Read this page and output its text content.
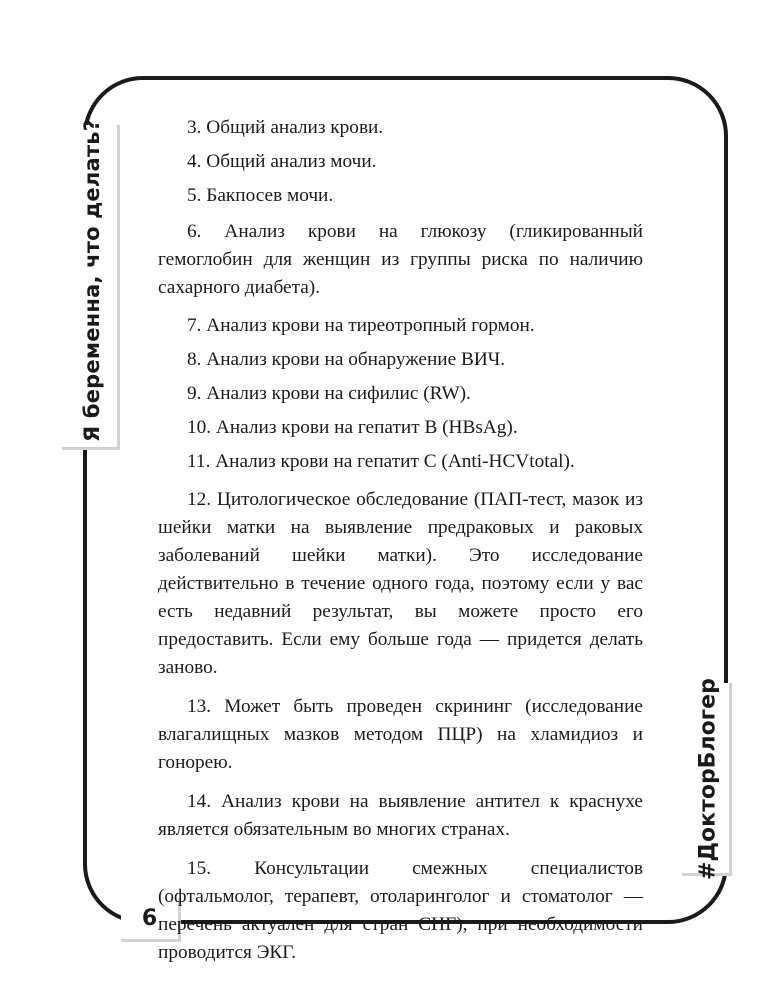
Я беременна, что делать?
#ДокторБлогер
6

3. Общий анализ крови.

4. Общий анализ мочи.

5. Бакпосев мочи.

6. Анализ крови на глюкозу (гликированный гемоглобин для женщин из группы риска по наличию сахарного диабета).

7. Анализ крови на тиреотропный гормон.

8. Анализ крови на обнаружение ВИЧ.

9. Анализ крови на сифилис (RW).

10. Анализ крови на гепатит В (HBsAg).

11. Анализ крови на гепатит С (Anti-HCVtotal).

12. Цитологическое обследование (ПАП-тест, мазок из шейки матки на выявление предраковых и раковых заболеваний шейки матки). Это исследование действительно в течение одного года, поэтому если у вас есть недавний результат, вы можете просто его предоставить. Если ему больше года — придется делать заново.

13. Может быть проведен скрининг (исследование влагалищных мазков методом ПЦР) на хламидиоз и гонорею.

14. Анализ крови на выявление антител к краснухе является обязательным во многих странах.

15. Консультации смежных специалистов (офтальмолог, терапевт, отоларинголог и стоматолог — перечень актуален для стран СНГ), при необходимости проводится ЭКГ.
